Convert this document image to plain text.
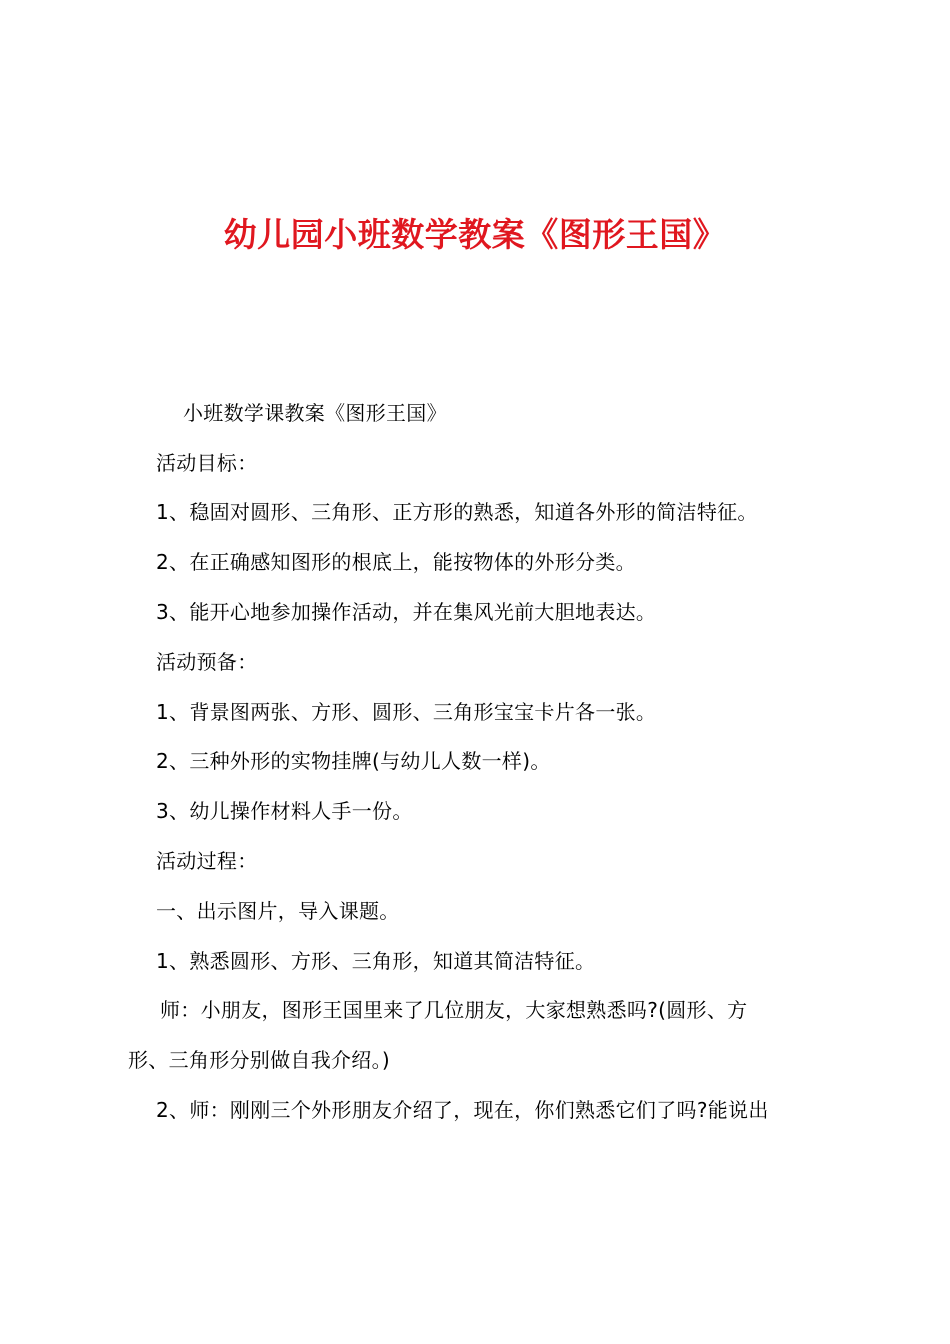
幼儿园小班数学教案《图形王国》
小班数学课教案《图形王国》
活动目标：
1、稳固对圆形、三角形、正方形的熟悉，知道各外形的简洁特征。
2、在正确感知图形的根底上，能按物体的外形分类。
3、能开心地参加操作活动，并在集风光前大胆地表达。
活动预备：
1、背景图两张、方形、圆形、三角形宝宝卡片各一张。
2、三种外形的实物挂牌(与幼儿人数一样)。
3、幼儿操作材料人手一份。
活动过程：
一、出示图片，导入课题。
1、熟悉圆形、方形、三角形，知道其简洁特征。
师：小朋友，图形王国里来了几位朋友，大家想熟悉吗?(圆形、方
形、三角形分别做自我介绍。)
2、师：刚刚三个外形朋友介绍了，现在，你们熟悉它们了吗?能说出
